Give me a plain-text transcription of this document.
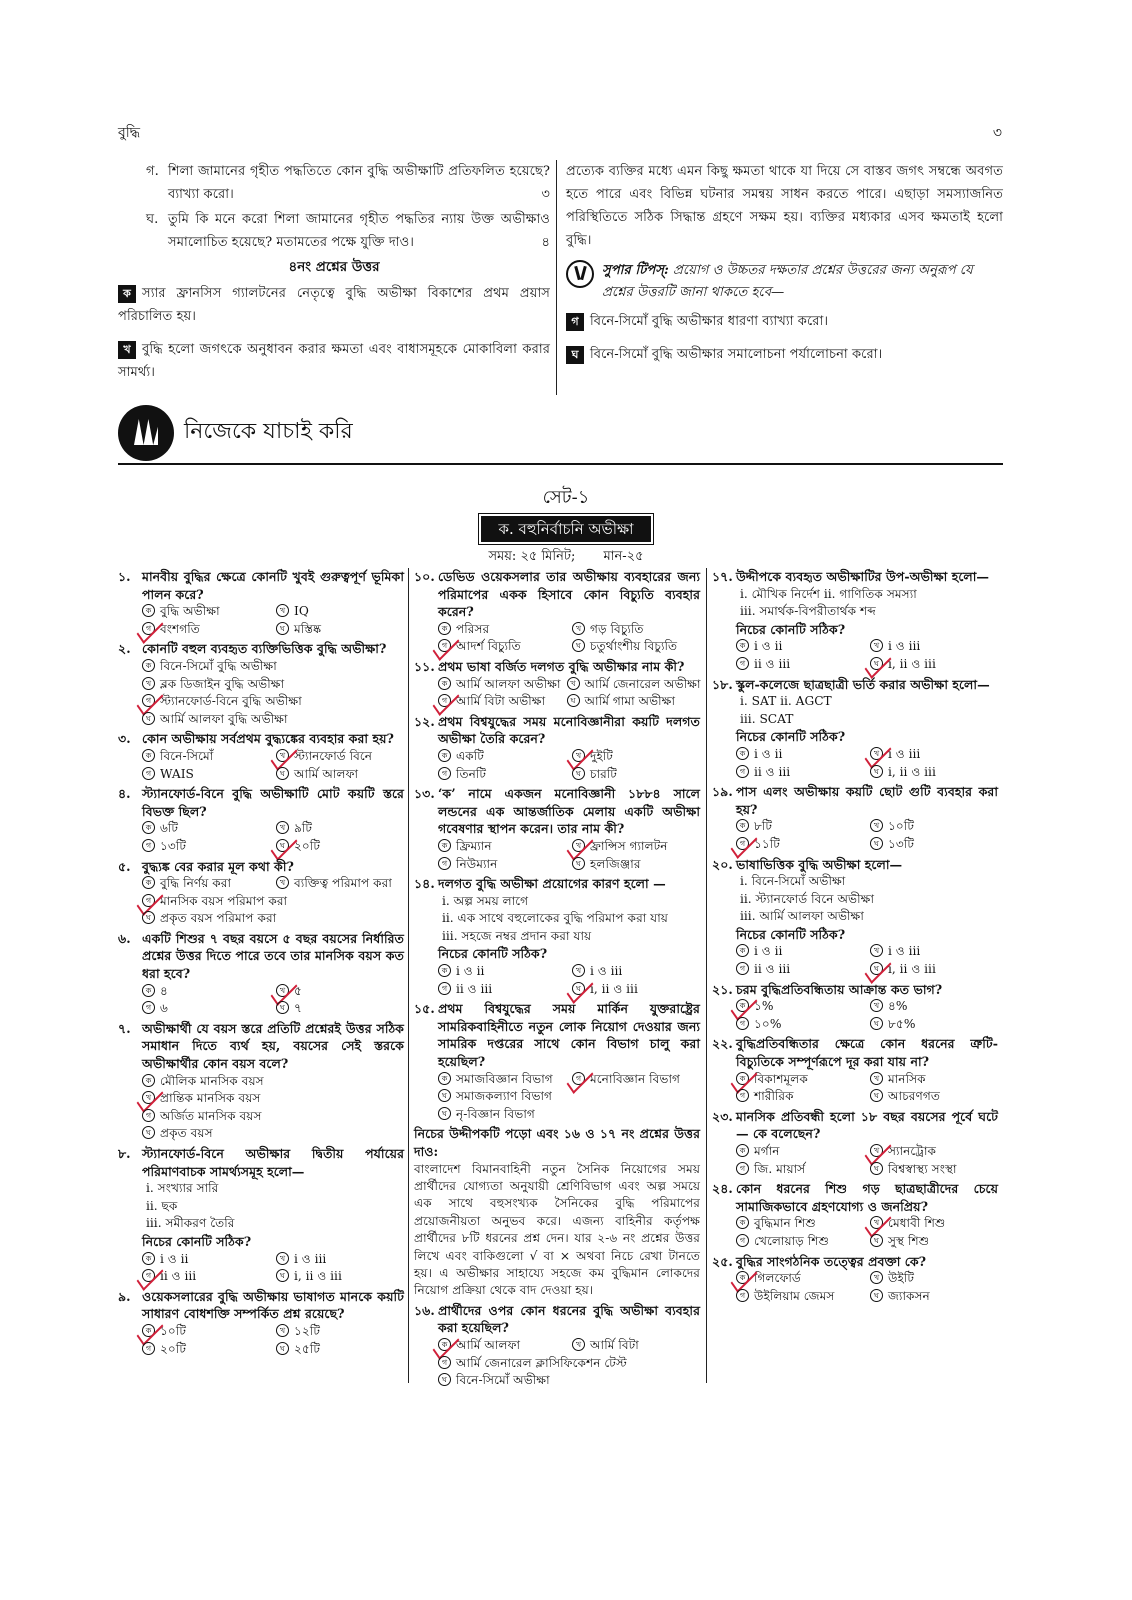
বুদ্ধি	৩
গ. শিলা জামানের গৃহীত পদ্ধতিতে কোন বুদ্ধি অভীক্ষাটি প্রতিফলিত হয়েছে? ব্যাখ্যা করো।	৩
ঘ. তুমি কি মনে করো শিলা জামানের গৃহীত পদ্ধতির ন্যায় উক্ত অভীক্ষাও সমালোচিত হয়েছে? মতামতের পক্ষে যুক্তি দাও।	৪
৪নং প্রশ্নের উত্তর
ক স্যার ফ্রানসিস গ্যালটনের নেতৃত্বে বুদ্ধি অভীক্ষা বিকাশের প্রথম প্রয়াস পরিচালিত হয়।
খ বুদ্ধি হলো জগৎকে অনুধাবন করার ক্ষমতা এবং বাধাসমূহকে মোকাবিলা করার সামর্থ্য।

প্রত্যেক ব্যক্তির মধ্যে এমন কিছু ক্ষমতা থাকে যা দিয়ে সে বাস্তব জগৎ সম্বন্ধে অবগত হতে পারে এবং বিভিন্ন ঘটনার সমন্বয় সাধন করতে পারে। এছাড়া সমস্যাজনিত পরিস্থিতিতে সঠিক সিদ্ধান্ত গ্রহণে সক্ষম হয়। ব্যক্তির মধ্যকার এসব ক্ষমতাই হলো বুদ্ধি।

সুপার টিপস্: প্রয়োগ ও উচ্চতর দক্ষতার প্রশ্নের উত্তরের জন্য অনুরূপ যে প্রশ্নের উত্তরটি জানা থাকতে হবে—
গ বিনে-সিমোঁ বুদ্ধি অভীক্ষার ধারণা ব্যাখ্যা করো।
ঘ বিনে-সিমোঁ বুদ্ধি অভীক্ষার সমালোচনা পর্যালোচনা করো।
নিজেকে যাচাই করি
সেট-১
ক. বহুনির্বাচনি অভীক্ষা
সময়: ২৫ মিনিট; মান-২৫
১. মানবীয় বুদ্ধির ক্ষেত্রে কোনটি খুবই গুরুত্বপূর্ণ ভূমিকা পালন করে?
ক বুদ্ধি অভীক্ষা	খ IQ
গ বংশগতি	ঘ মস্তিষ্ক
২. কোনটি বহুল ব্যবহৃত ব্যক্তিভিত্তিক বুদ্ধি অভীক্ষা?
ক বিনে-সিমোঁ বুদ্ধি অভীক্ষা
খ ব্লক ডিজাইন বুদ্ধি অভীক্ষা
গ স্ট্যানফোর্ড-বিনে বুদ্ধি অভীক্ষা
ঘ আর্মি আলফা বুদ্ধি অভীক্ষা
৩. কোন অভীক্ষায় সর্বপ্রথম বুদ্ধ্যঙ্কের ব্যবহার করা হয়?
ক বিনে-সিমোঁ	খ স্ট্যানফোর্ড বিনে
গ WAIS	ঘ আর্মি আলফা
৪. স্ট্যানফোর্ড-বিনে বুদ্ধি অভীক্ষাটি মোট কয়টি স্তরে বিভক্ত ছিল?
ক ৬টি	খ ৯টি
গ ১৩টি	ঘ ২০টি
৫. বুদ্ধ্যঙ্ক বের করার মূল কথা কী?
ক বুদ্ধি নির্ণয় করা	খ ব্যক্তিত্ব পরিমাপ করা
গ মানসিক বয়স পরিমাপ করা
ঘ প্রকৃত বয়স পরিমাপ করা
৬. একটি শিশুর ৭ বছর বয়সে ৫ বছর বয়সের নির্ধারিত প্রশ্নের উত্তর দিতে পারে তবে তার মানসিক বয়স কত ধরা হবে?
ক ৪	খ ৫
গ ৬	ঘ ৭
৭. অভীক্ষার্থী যে বয়স স্তরে প্রতিটি প্রশ্নেরই উত্তর সঠিক সমাধান দিতে ব্যর্থ হয়, বয়সের সেই স্তরকে অভীক্ষার্থীর কোন বয়স বলে?
ক মৌলিক মানসিক বয়স
খ প্রান্তিক মানসিক বয়স
গ অর্জিত মানসিক বয়স
ঘ প্রকৃত বয়স
৮. স্ট্যানফোর্ড-বিনে অভীক্ষার দ্বিতীয় পর্যায়ের পরিমাণবাচক সামর্থ্যসমূহ হলো—
i. সংখ্যার সারি
ii. ছক
iii. সমীকরণ তৈরি
নিচের কোনটি সঠিক?
ক i ও ii	খ i ও iii
গ ii ও iii	ঘ i, ii ও iii
৯. ওয়েকসলারের বুদ্ধি অভীক্ষায় ভাষাগত মানকে কয়টি সাধারণ বোধশক্তি সম্পর্কিত প্রশ্ন রয়েছে?
ক ১০টি	খ ১২টি
গ ২০টি	ঘ ২৫টি
১০. ডেভিড ওয়েকসলার তার অভীক্ষায় ব্যবহারের জন্য পরিমাপের একক হিসাবে কোন বিচ্যুতি ব্যবহার করেন?
ক পরিসর	খ গড় বিচ্যুতি
গ আদর্শ বিচ্যুতি	ঘ চতুর্থাংশীয় বিচ্যুতি
১১. প্রথম ভাষা বর্জিত দলগত বুদ্ধি অভীক্ষার নাম কী?
ক আর্মি আলফা অভীক্ষা	খ আর্মি জেনারেল অভীক্ষা
গ আর্মি বিটা অভীক্ষা	ঘ আর্মি গামা অভীক্ষা
১২. প্রথম বিশ্বযুদ্ধের সময় মনোবিজ্ঞানীরা কয়টি দলগত অভীক্ষা তৈরি করেন?
ক একটি	খ দুইটি
গ তিনটি	ঘ চারটি
১৩. ‘ক’ নামে একজন মনোবিজ্ঞানী ১৮৮৪ সালে লন্ডনের এক আন্তর্জাতিক মেলায় একটি অভীক্ষা গবেষণার স্থাপন করেন। তার নাম কী?
ক ফ্রিম্যান	খ ফ্রান্সিস গ্যালটন
গ নিউম্যান	ঘ হলজিঞ্জার
১৪. দলগত বুদ্ধি অভীক্ষা প্রয়োগের কারণ হলো —
i. অল্প সময় লাগে
ii. এক সাথে বহুলোকের বুদ্ধি পরিমাপ করা যায়
iii. সহজে নম্বর প্রদান করা যায়
নিচের কোনটি সঠিক?
ক i ও ii	খ i ও iii
গ ii ও iii	ঘ i, ii ও iii
১৫. প্রথম বিশ্বযুদ্ধের সময় মার্কিন যুক্তরাষ্ট্রের সামরিকবাহিনীতে নতুন লোক নিয়োগ দেওয়ার জন্য সামরিক দপ্তরের সাথে কোন বিভাগ চালু করা হয়েছিল?
ক সমাজবিজ্ঞান বিভাগ	গ মনোবিজ্ঞান বিভাগ
ঘ সমাজকল্যাণ বিভাগ
ঘ নৃ-বিজ্ঞান বিভাগ
নিচের উদ্দীপকটি পড়ো এবং ১৬ ও ১৭ নং প্রশ্নের উত্তর দাও:
বাংলাদেশ বিমানবাহিনী নতুন সৈনিক নিয়োগের সময় প্রার্থীদের যোগ্যতা অনুযায়ী শ্রেণিবিভাগ এবং অল্প সময়ে এক সাথে বহুসংখ্যক সৈনিকের বুদ্ধি পরিমাপের প্রয়োজনীয়তা অনুভব করে। এজন্য বাহিনীর কর্তৃপক্ষ প্রার্থীদের ৮টি ধরনের প্রশ্ন দেন। যার ২-৬ নং প্রশ্নের উত্তর লিখে এবং বাকিগুলো √ বা × অথবা নিচে রেখা টানতে হয়। এ অভীক্ষার সাহায্যে সহজে কম বুদ্ধিমান লোকদের নিয়োগ প্রক্রিয়া থেকে বাদ দেওয়া হয়।
১৬. প্রার্থীদের ওপর কোন ধরনের বুদ্ধি অভীক্ষা ব্যবহার করা হয়েছিল?
ক আর্মি আলফা	খ আর্মি বিটা
গ আর্মি জেনারেল ক্লাসিফিকেশন টেস্ট
ঘ বিনে-সিমোঁ অভীক্ষা
১৭. উদ্দীপকে ব্যবহৃত অভীক্ষাটির উপ-অভীক্ষা হলো—
i. মৌখিক নির্দেশ ii. গাণিতিক সমস্যা
iii. সমার্থক-বিপরীতার্থক শব্দ
নিচের কোনটি সঠিক?
ক i ও ii	খ i ও iii
গ ii ও iii	ঘ i, ii ও iii
১৮. স্কুল-কলেজে ছাত্রছাত্রী ভর্তি করার অভীক্ষা হলো—
i. SAT ii. AGCT
iii. SCAT
নিচের কোনটি সঠিক?
ক i ও ii	খ i ও iii
গ ii ও iii	ঘ i, ii ও iii
১৯. পাস এলং অভীক্ষায় কয়টি ছোট গুটি ব্যবহার করা হয়?
ক ৮টি	খ ১০টি
গ ১১টি	ঘ ১৩টি
২০. ভাষাভিত্তিক বুদ্ধি অভীক্ষা হলো—
i. বিনে-সিমোঁ অভীক্ষা
ii. স্ট্যানফোর্ড বিনে অভীক্ষা
iii. আর্মি আলফা অভীক্ষা
নিচের কোনটি সঠিক?
ক i ও ii	খ i ও iii
গ ii ও iii	ঘ i, ii ও iii
২১. চরম বুদ্ধিপ্রতিবন্ধিতায় আক্রান্ত কত ভাগ?
ক ১%	খ ৪%
গ ১০%	ঘ ৮৫%
২২. বুদ্ধিপ্রতিবন্ধিতার ক্ষেত্রে কোন ধরনের ত্রুটি-বিচ্যুতিকে সম্পূর্ণরূপে দূর করা যায় না?
ক বিকাশমূলক	খ মানসিক
গ শারীরিক	ঘ আচরণগত
২৩. মানসিক প্রতিবন্ধী হলো ১৮ বছর বয়সের পূর্বে ঘটে— কে বলেছেন?
ক মর্গান	খ স্যানট্রোক
গ জি. মায়ার্স	ঘ বিশ্বস্বাস্থ্য সংস্থা
২৪. কোন ধরনের শিশু গড় ছাত্রছাত্রীদের চেয়ে সামাজিকভাবে গ্রহণযোগ্য ও জনপ্রিয়?
ক বুদ্ধিমান শিশু	খ মেধাবী শিশু
গ খেলোয়াড় শিশু	ঘ সুস্থ শিশু
২৫. বুদ্ধির সাংগঠনিক তত্ত্বের প্রবক্তা কে?
ক গিলফোর্ড	খ উইটি
গ উইলিয়াম জেমস	ঘ জ্যাকসন
